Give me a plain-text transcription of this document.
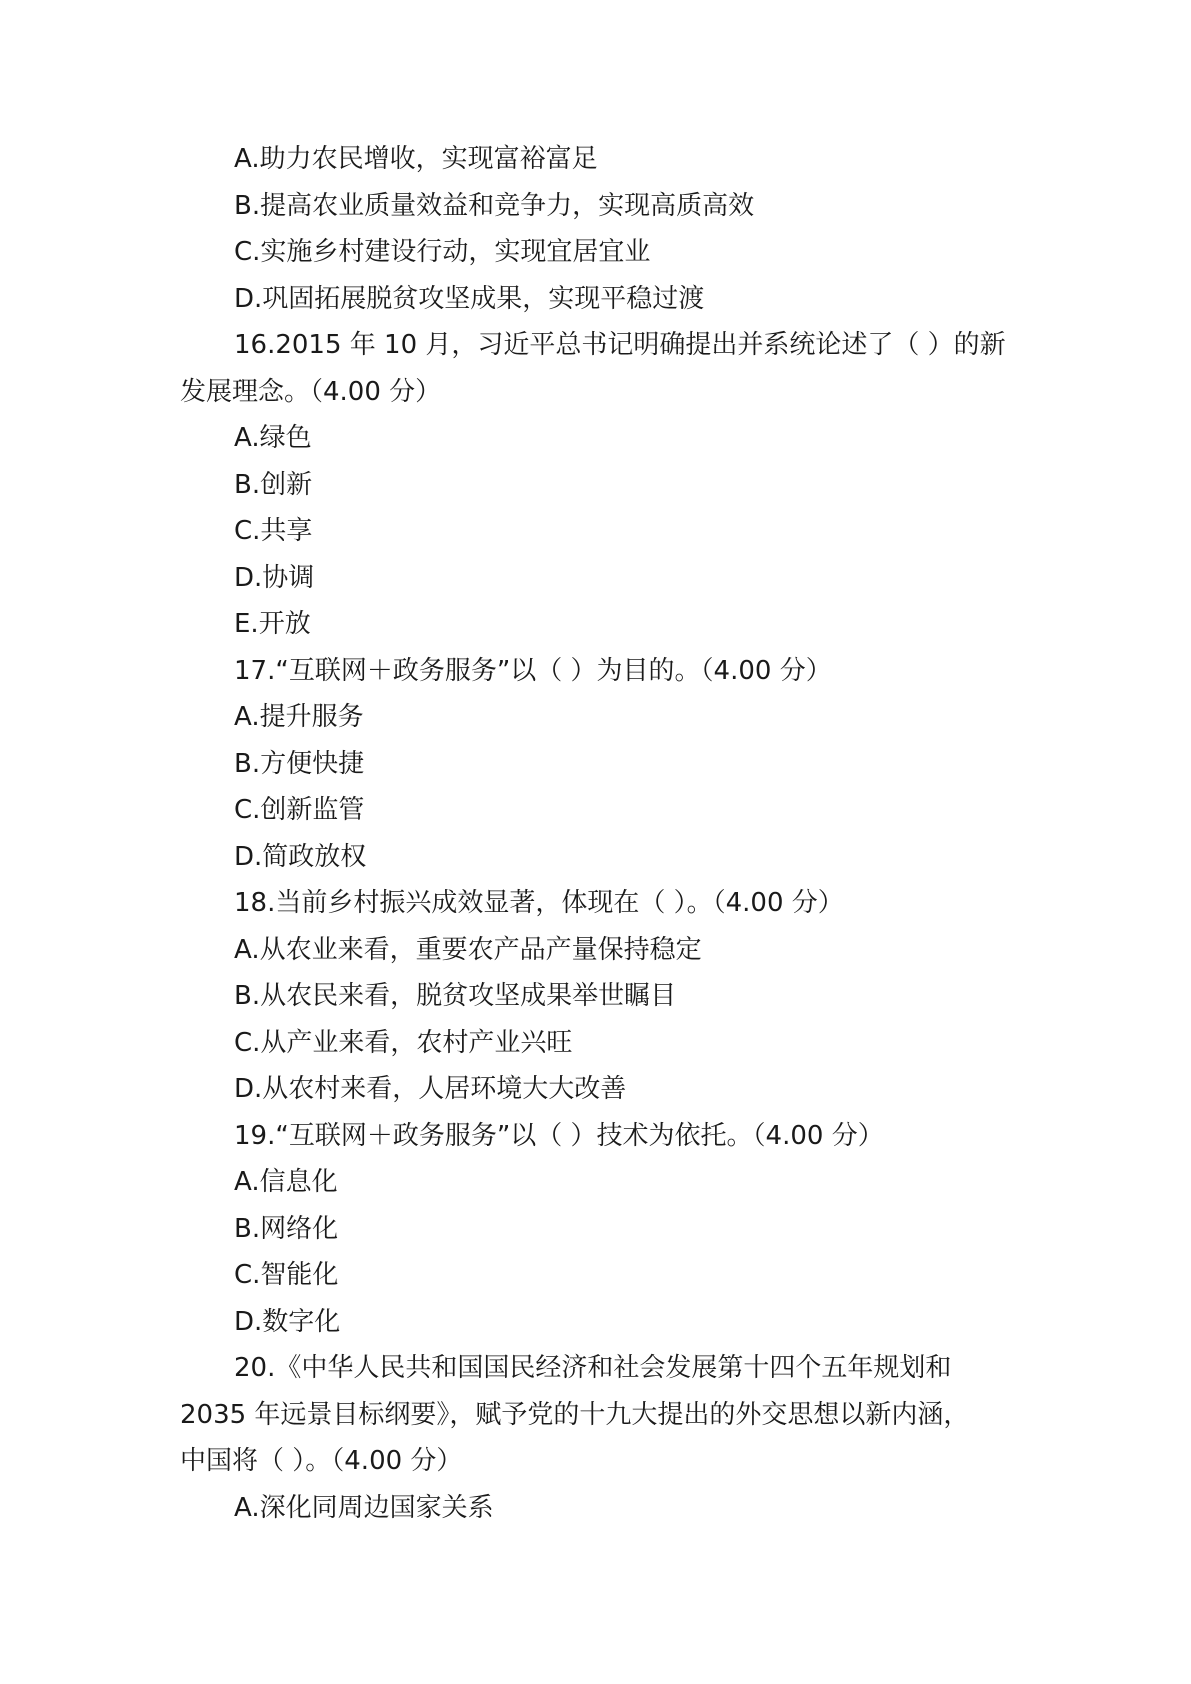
A.助力农民增收，实现富裕富足
B.提高农业质量效益和竞争力，实现高质高效
C.实施乡村建设行动，实现宜居宜业
D.巩固拓展脱贫攻坚成果，实现平稳过渡
16.2015 年 10 月，习近平总书记明确提出并系统论述了（ ）的新
发展理念。（4.00 分）
A.绿色
B.创新
C.共享
D.协调
E.开放
17.“互联网＋政务服务”以（ ）为目的。（4.00 分）
A.提升服务
B.方便快捷
C.创新监管
D.简政放权
18.当前乡村振兴成效显著，体现在（ ）。（4.00 分）
A.从农业来看，重要农产品产量保持稳定
B.从农民来看，脱贫攻坚成果举世瞩目
C.从产业来看，农村产业兴旺
D.从农村来看，人居环境大大改善
19.“互联网＋政务服务”以（ ）技术为依托。（4.00 分）
A.信息化
B.网络化
C.智能化
D.数字化
20.《中华人民共和国国民经济和社会发展第十四个五年规划和
2035 年远景目标纲要》，赋予党的十九大提出的外交思想以新内涵，
中国将（ ）。（4.00 分）
A.深化同周边国家关系
